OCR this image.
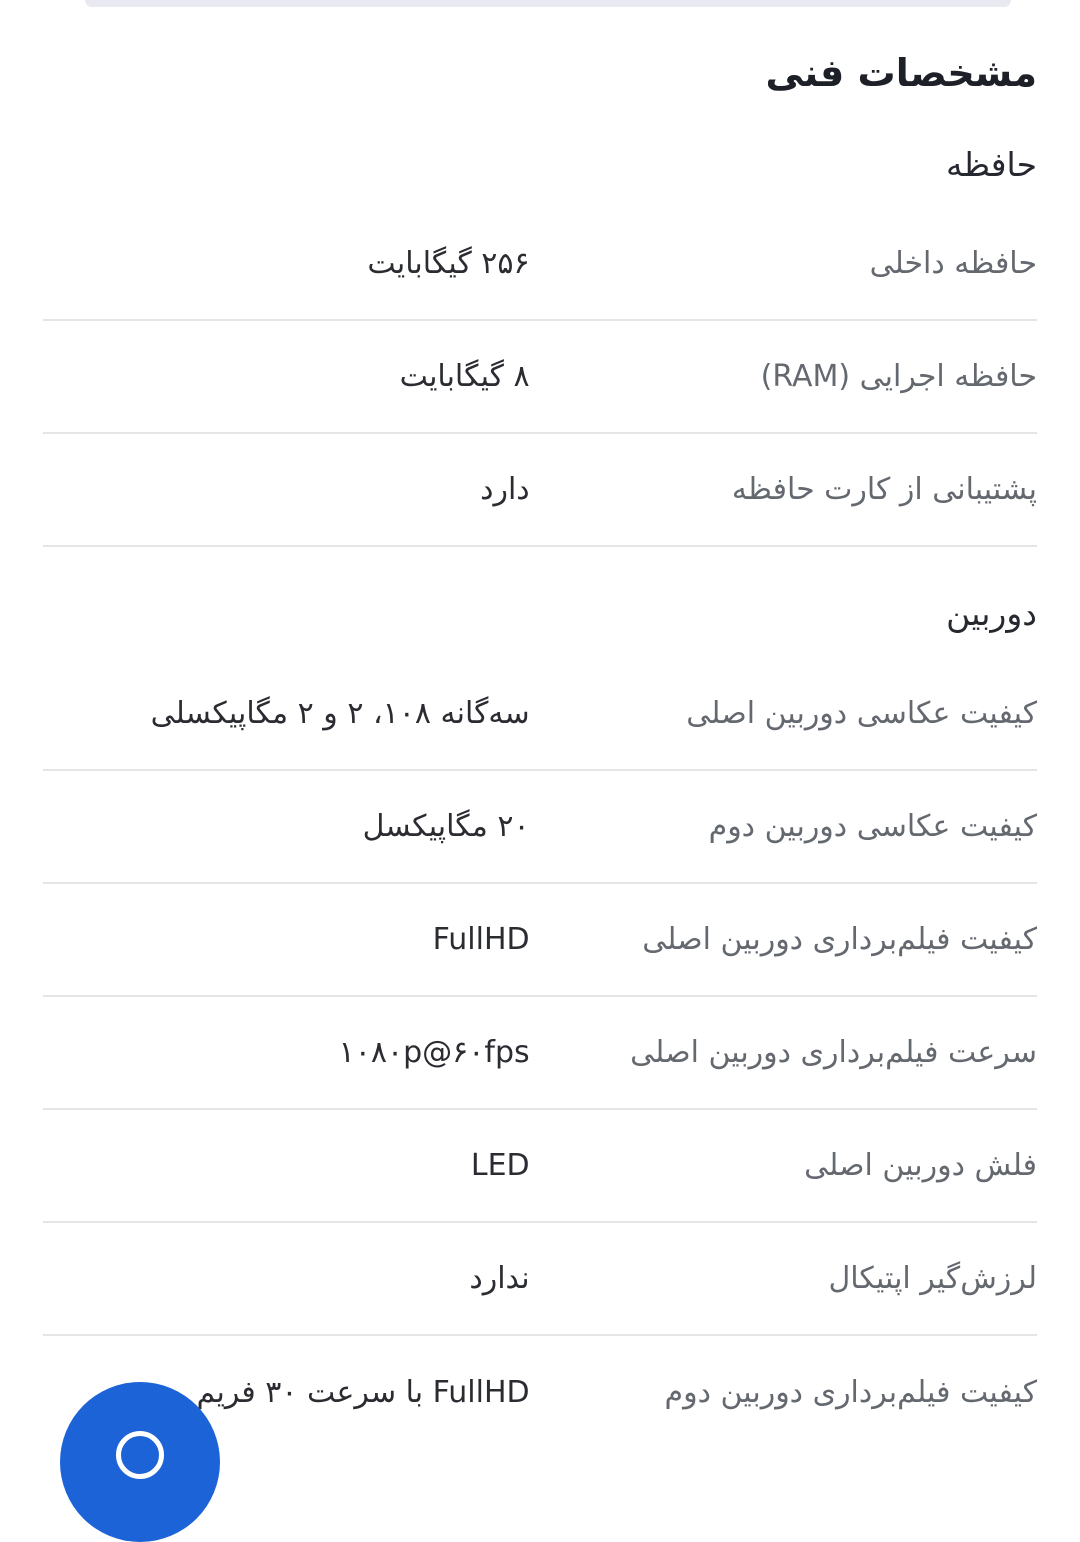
مشخصات فنی
حافظه
حافظه داخلی
۲۵۶ گیگابایت
حافظه اجرایی (RAM)
۸ گیگابایت
پشتیبانی از کارت حافظه
دارد
دوربین
کیفیت عکاسی دوربین اصلی
سه‌گانه ۱۰۸، ۲ و ۲ مگاپیکسلی
کیفیت عکاسی دوربین دوم
۲۰ مگاپیکسل
کیفیت فیلم‌برداری دوربین اصلی
FullHD
سرعت فیلم‌برداری دوربین اصلی
۱۰۸۰p@۶۰fps
فلش دوربین اصلی
LED
لرزش‌گیر اپتیکال
ندارد
کیفیت فیلم‌برداری دوربین دوم
FullHD با سرعت ۳۰ فریم
